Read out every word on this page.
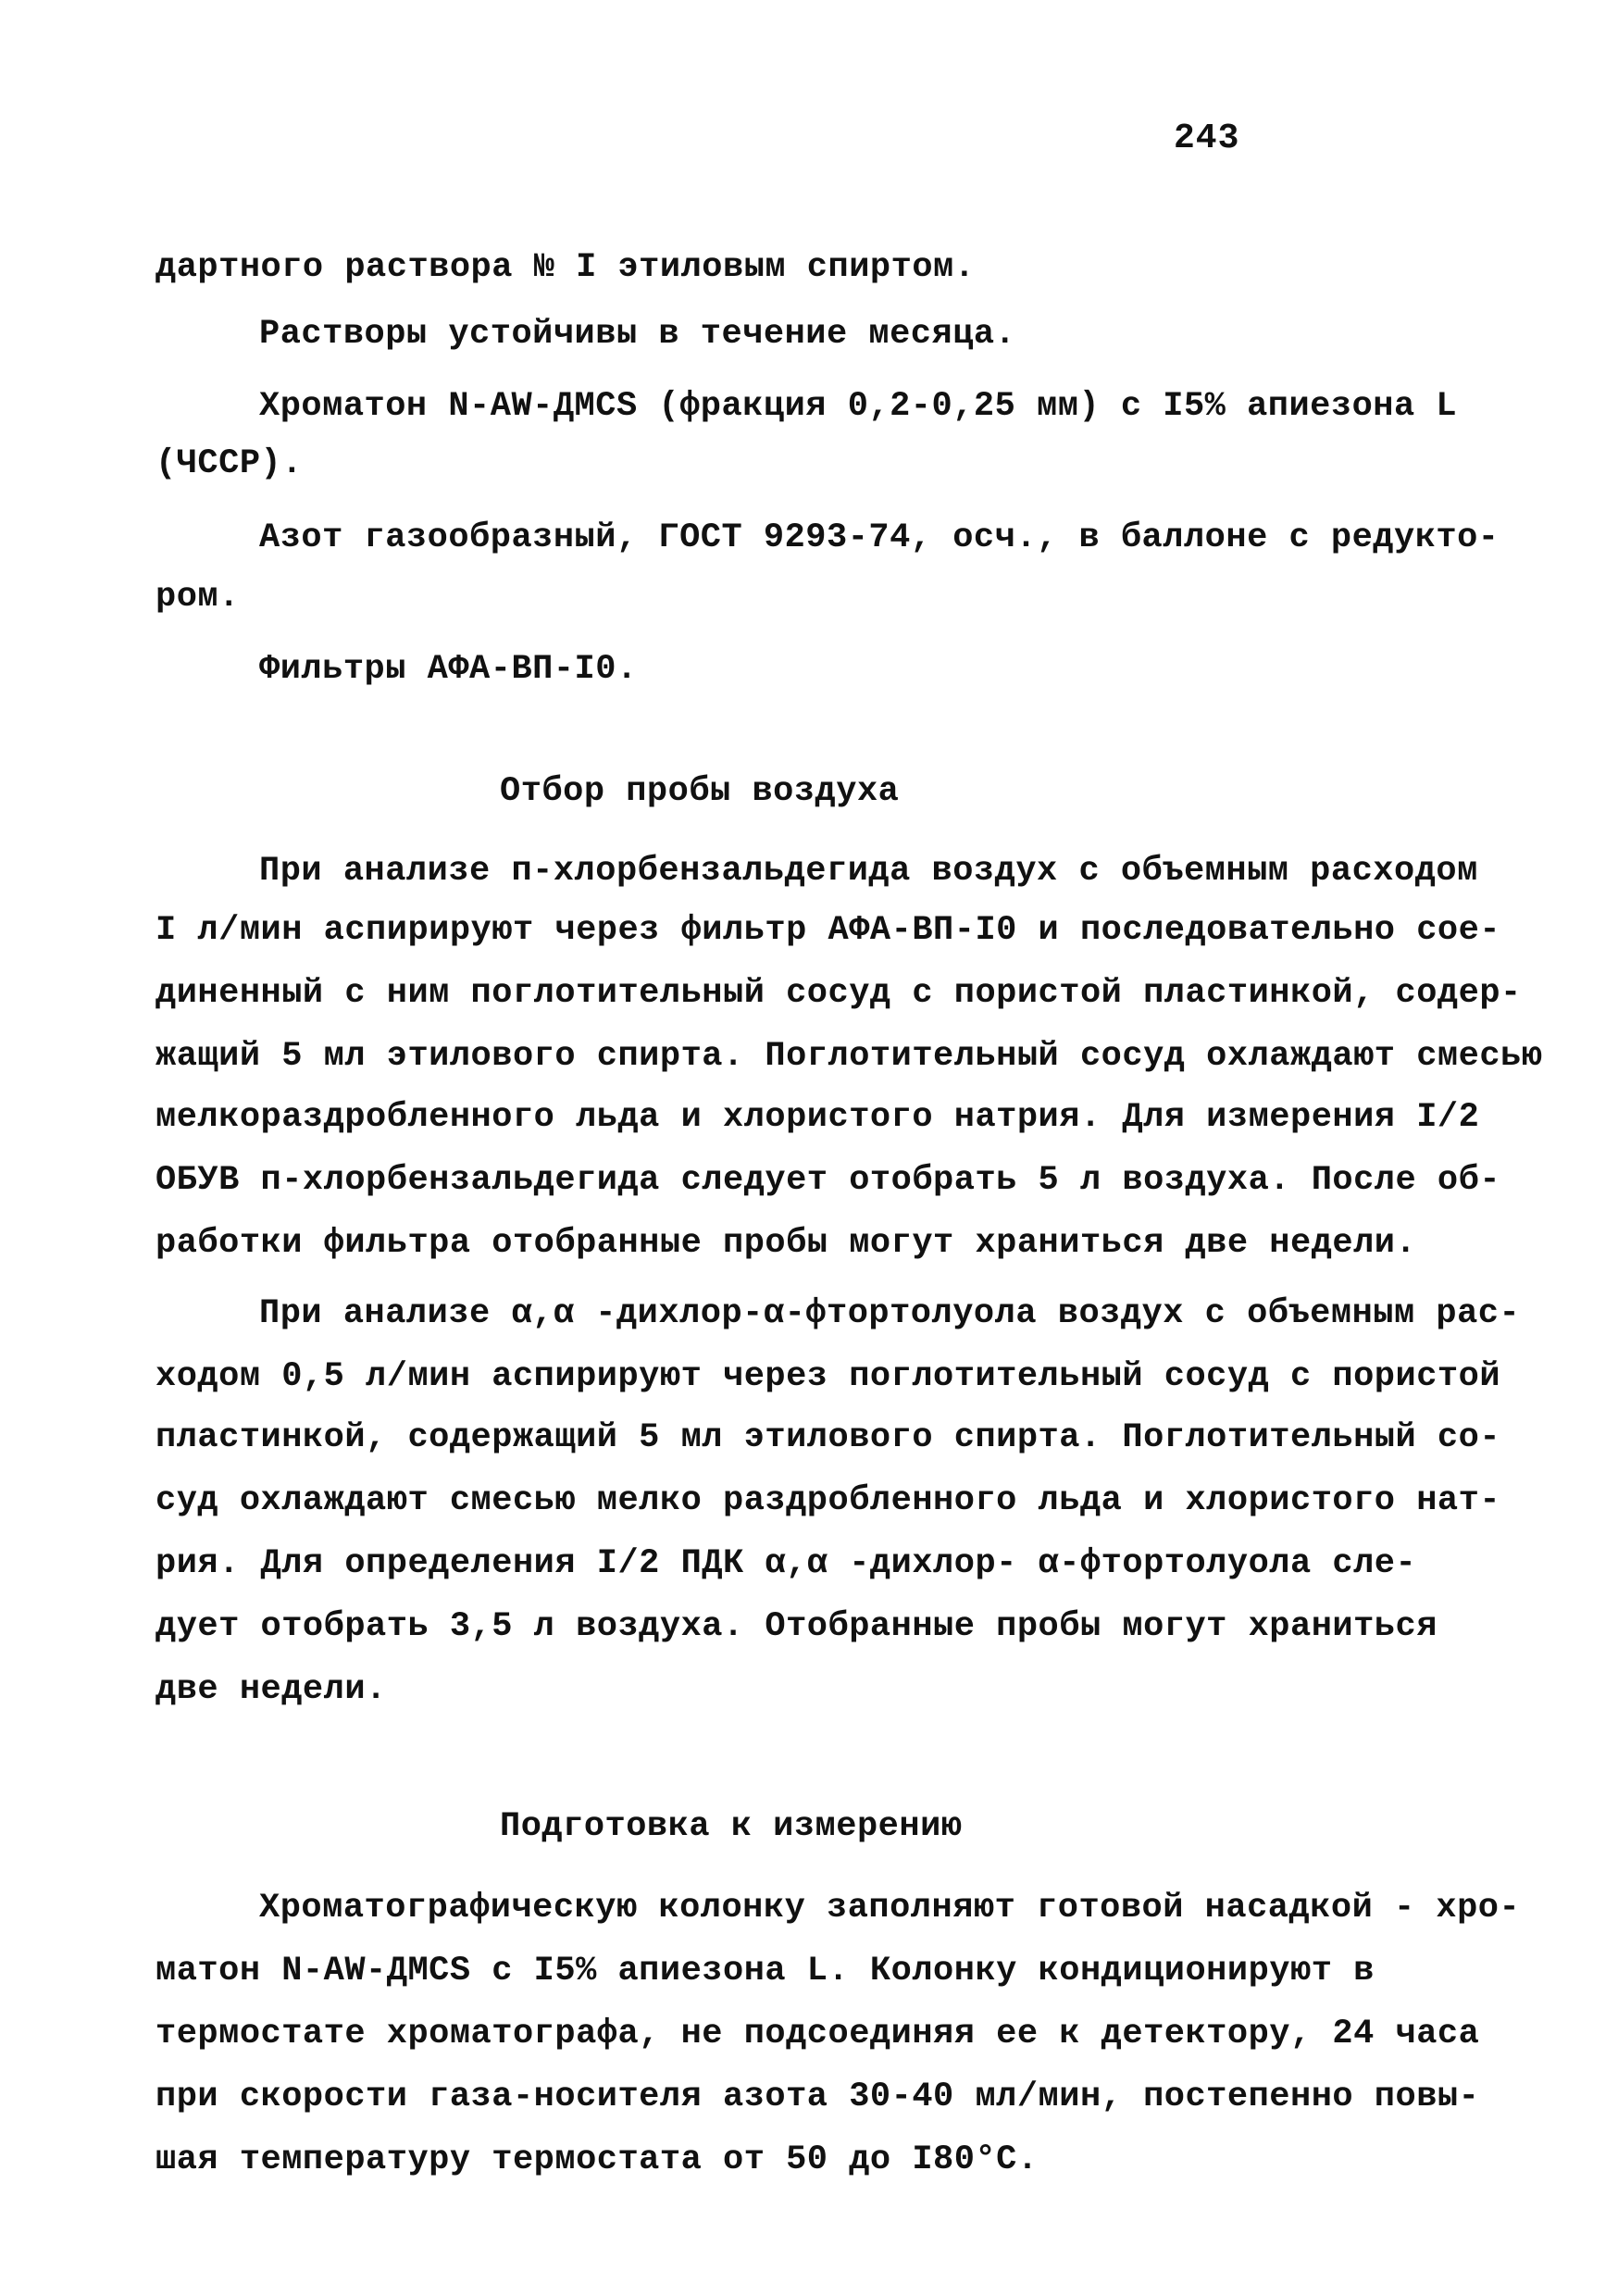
243
дартного раствора № I этиловым спиртом.
Растворы устойчивы в течение месяца.
Хроматон N-AW-ДМСS (фракция 0,2-0,25 мм) с I5% апиезона L
(ЧССР).
Азот газообразный, ГОСТ 9293-74, осч., в баллоне с редукто-
ром.
Фильтры АФА-ВП-I0.
Отбор пробы воздуха
При анализе п-хлорбензальдегида воздух с объемным расходом
I л/мин аспирируют через фильтр АФА-ВП-I0 и последовательно сое-
диненный с ним поглотительный сосуд с пористой пластинкой, содер-
жащий 5 мл этилового спирта. Поглотительный сосуд охлаждают смесью
мелкораздробленного льда и хлористого натрия. Для измерения I/2
ОБУВ п-хлорбензальдегида следует отобрать 5 л воздуха. После об-
работки фильтра отобранные пробы могут храниться две недели.
При анализе α,α -дихлор-α-фтортолуола воздух с объемным рас-
ходом 0,5 л/мин аспирируют через поглотительный сосуд с пористой
пластинкой, содержащий 5 мл этилового спирта. Поглотительный со-
суд охлаждают смесью мелко раздробленного льда и хлористого нат-
рия. Для определения I/2 ПДК α,α -дихлор- α-фтортолуола сле-
дует отобрать 3,5 л воздуха. Отобранные пробы могут храниться
две недели.
Подготовка к измерению
Хроматографическую колонку заполняют готовой насадкой - хро-
матон N-AW-ДМСS с I5% апиезона L. Колонку кондиционируют в
термостате хроматографа, не подсоединяя ее к детектору, 24 часа
при скорости газа-носителя азота 30-40 мл/мин, постепенно повы-
шая температуру термостата от 50 до I80°С.
